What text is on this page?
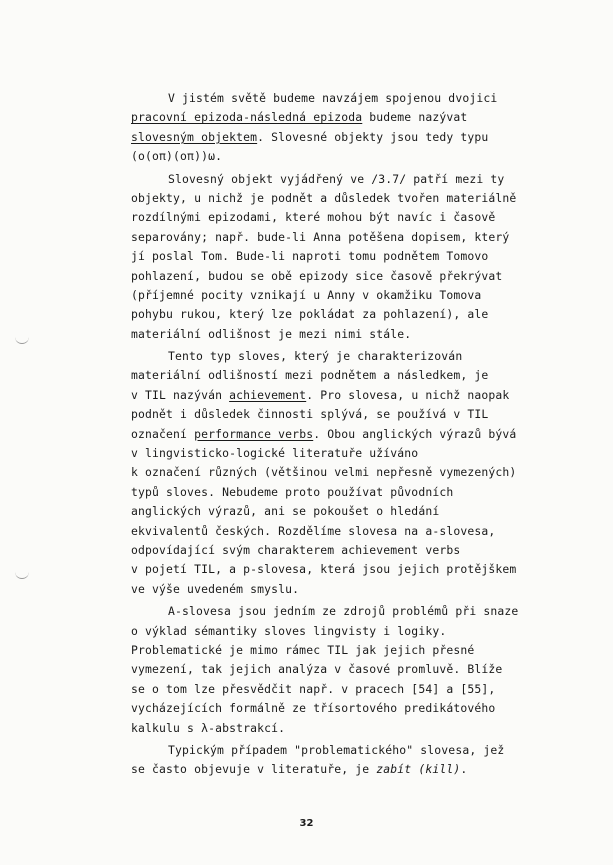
V jistém světě budeme navzájem spojenou dvojici
pracovní epizoda-následná epizoda budeme nazývat
slovesným objektem. Slovesné objekty jsou tedy typu
(o(oπ)(oπ))ω.
Slovesný objekt vyjádřený ve /3.7/ patří mezi ty
objekty, u nichž je podnět a důsledek tvořen materiálně
rozdílnými epizodami, které mohou být navíc i časově
separovány; např. bude-li Anna potěšena dopisem, který
jí poslal Tom. Bude-li naproti tomu podnětem Tomovo
pohlazení, budou se obě epizody sice časově překrývat
(příjemné pocity vznikají u Anny v okamžiku Tomova
pohybu rukou, který lze pokládat za pohlazení), ale
materiální odlišnost je mezi nimi stále.
Tento typ sloves, který je charakterizován
materiální odlišností mezi podnětem a následkem, je
v TIL nazýván achievement. Pro slovesa, u nichž naopak
podnět i důsledek činnosti splývá, se používá v TIL
označení performance verbs. Obou anglických výrazů bývá
v lingvisticko-logické literatuře užíváno
k označení různých (většinou velmi nepřesně vymezených)
typů sloves. Nebudeme proto používat původních
anglických výrazů, ani se pokoušet o hledání
ekvivalentů českých. Rozdělíme slovesa na a-slovesa,
odpovídající svým charakterem achievement verbs
v pojetí TIL, a p-slovesa, která jsou jejich protějškem
ve výše uvedeném smyslu.
A-slovesa jsou jedním ze zdrojů problémů při snaze
o výklad sémantiky sloves lingvisty i logiky.
Problematické je mimo rámec TIL jak jejich přesné
vymezení, tak jejich analýza v časové promluvě. Blíže
se o tom lze přesvědčit např. v pracech [54] a [55],
vycházejících formálně ze třísortového predikátového
kalkulu s λ-abstrakcí.
Typickým případem "problematického" slovesa, jež
se často objevuje v literatuře, je zabít (kill).
32
